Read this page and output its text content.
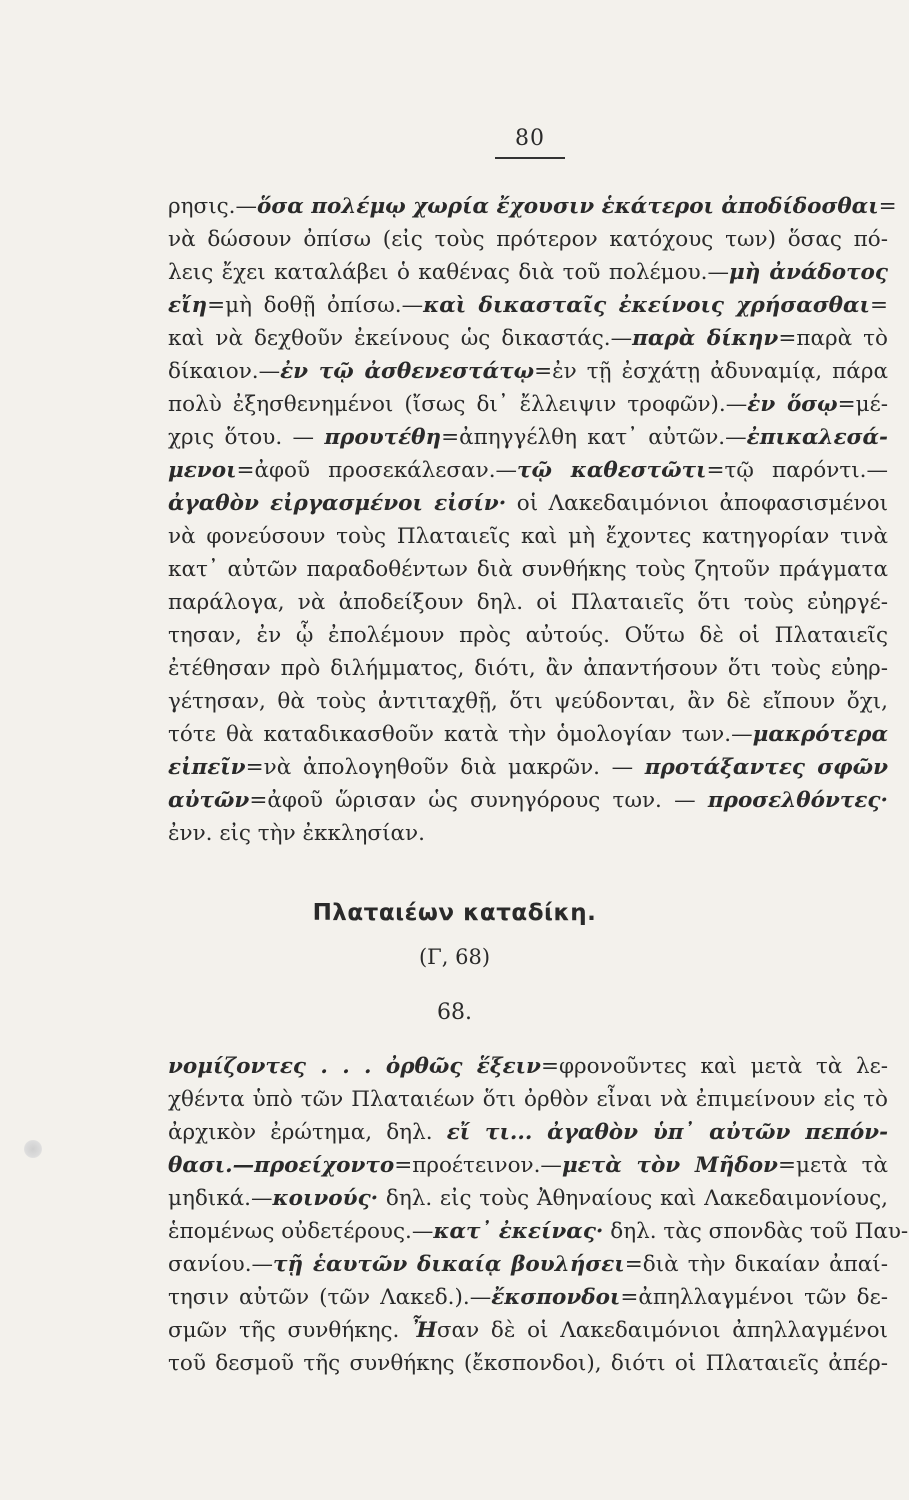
80
ρησις.—ὅσα πολέμῳ χωρία ἔχουσιν ἑκάτεροι ἀποδίδοσθαι=
νὰ δώσουν ὀπίσω (εἰς τοὺς πρότερον κατόχους των) ὅσας πό-
λεις ἔχει καταλάβει ὁ καθένας διὰ τοῦ πολέμου.—μὴ ἀνάδοτος
εἴη=μὴ δοθῇ ὀπίσω.—καὶ δικασταῖς ἐκείνοις χρήσασθαι=
καὶ νὰ δεχθοῦν ἐκείνους ὡς δικαστάς.—παρὰ δίκην=παρὰ τὸ
δίκαιον.—ἐν τῷ ἀσθενεστάτῳ=ἐν τῇ ἐσχάτῃ ἀδυναμίᾳ, πάρα
πολὺ ἐξησθενημένοι (ἴσως δι᾽ ἔλλειψιν τροφῶν).—ἐν ὅσῳ=μέ-
χρις ὅτου. — προυτέθη=ἀπηγγέλθη κατ᾽ αὐτῶν.—ἐπικαλεσά-
μενοι=ἀφοῦ προσεκάλεσαν.—τῷ καθεστῶτι=τῷ παρόντι.—
ἀγαθὸν εἰργασμένοι εἰσίν· οἱ Λακεδαιμόνιοι ἀποφασισμένοι
νὰ φονεύσουν τοὺς Πλαταιεῖς καὶ μὴ ἔχοντες κατηγορίαν τινὰ
κατ᾽ αὐτῶν παραδοθέντων διὰ συνθήκης τοὺς ζητοῦν πράγματα
παράλογα, νὰ ἀποδείξουν δηλ. οἱ Πλαταιεῖς ὅτι τοὺς εὐηργέ-
τησαν, ἐν ᾧ ἐπολέμουν πρὸς αὐτούς. Οὕτω δὲ οἱ Πλαταιεῖς
ἐτέθησαν πρὸ διλήμματος, διότι, ἂν ἀπαντήσουν ὅτι τοὺς εὐηρ-
γέτησαν, θὰ τοὺς ἀντιταχθῇ, ὅτι ψεύδονται, ἂν δὲ εἴπουν ὄχι,
τότε θὰ καταδικασθοῦν κατὰ τὴν ὁμολογίαν των.—μακρότερα
εἰπεῖν=νὰ ἀπολογηθοῦν διὰ μακρῶν. — προτάξαντες σφῶν
αὐτῶν=ἀφοῦ ὥρισαν ὡς συνηγόρους των. — προσελθόντες·
ἐνν. εἰς τὴν ἐκκλησίαν.
Πλαταιέων καταδίκη.
(Γ, 68)
68.
νομίζοντες . . . ὀρθῶς ἕξειν=φρονοῦντες καὶ μετὰ τὰ λε-
χθέντα ὑπὸ τῶν Πλαταιέων ὅτι ὀρθὸν εἶναι νὰ ἐπιμείνουν εἰς τὸ
ἀρχικὸν ἐρώτημα, δηλ. εἴ τι... ἀγαθὸν ὑπ᾽ αὐτῶν πεπόν-
θασι.—προείχοντο=προέτεινον.—μετὰ τὸν Μῆδον=μετὰ τὰ
μηδικά.—κοινούς· δηλ. εἰς τοὺς Ἀθηναίους καὶ Λακεδαιμονίους,
ἑπομένως οὐδετέρους.—κατ᾽ ἐκείνας· δηλ. τὰς σπονδὰς τοῦ Παυ-
σανίου.—τῇ ἑαυτῶν δικαίᾳ βουλήσει=διὰ τὴν δικαίαν ἀπαί-
τησιν αὐτῶν (τῶν Λακεδ.).—ἔκσπονδοι=ἀπηλλαγμένοι τῶν δε-
σμῶν τῆς συνθήκης. Ἦσαν δὲ οἱ Λακεδαιμόνιοι ἀπηλλαγμένοι
τοῦ δεσμοῦ τῆς συνθήκης (ἔκσπονδοι), διότι οἱ Πλαταιεῖς ἀπέρ-
